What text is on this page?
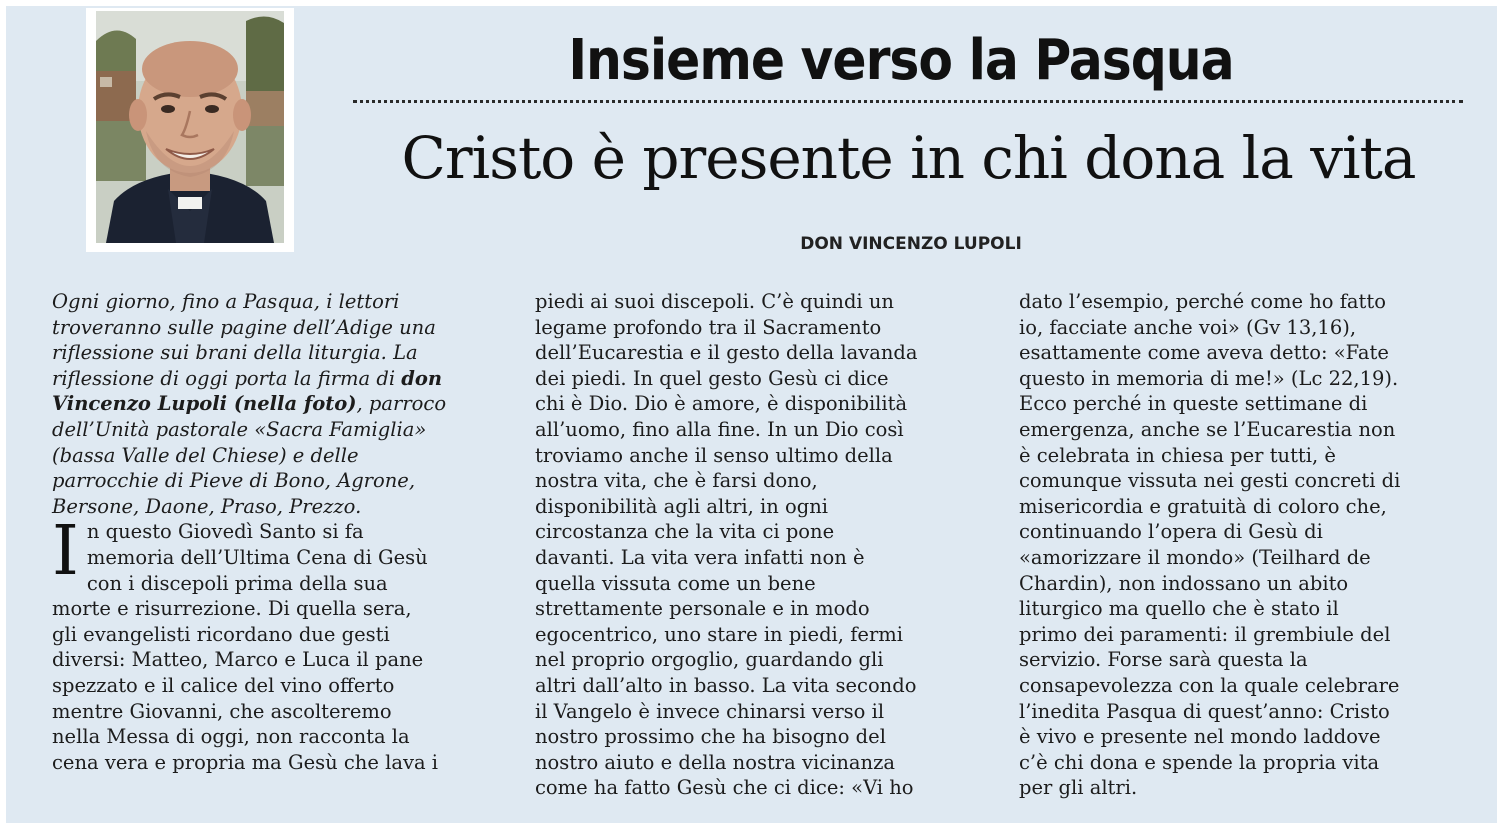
Insieme verso la Pasqua
Cristo è presente in chi dona la vita
DON VINCENZO LUPOLI

Ogni giorno, fino a Pasqua, i lettori
troveranno sulle pagine dell’Adige una
riflessione sui brani della liturgia. La
riflessione di oggi porta la firma di don
Vincenzo Lupoli (nella foto), parroco
dell’Unità pastorale «Sacra Famiglia»
(bassa Valle del Chiese) e delle
parrocchie di Pieve di Bono, Agrone,
Bersone, Daone, Praso, Prezzo.

I n questo Giovedì Santo si fa
memoria dell’Ultima Cena di Gesù
con i discepoli prima della sua
morte e risurrezione. Di quella sera,
gli evangelisti ricordano due gesti
diversi: Matteo, Marco e Luca il pane
spezzato e il calice del vino offerto
mentre Giovanni, che ascolteremo
nella Messa di oggi, non racconta la
cena vera e propria ma Gesù che lava i

piedi ai suoi discepoli. C’è quindi un
legame profondo tra il Sacramento
dell’Eucarestia e il gesto della lavanda
dei piedi. In quel gesto Gesù ci dice
chi è Dio. Dio è amore, è disponibilità
all’uomo, fino alla fine. In un Dio così
troviamo anche il senso ultimo della
nostra vita, che è farsi dono,
disponibilità agli altri, in ogni
circostanza che la vita ci pone
davanti. La vita vera infatti non è
quella vissuta come un bene
strettamente personale e in modo
egocentrico, uno stare in piedi, fermi
nel proprio orgoglio, guardando gli
altri dall’alto in basso. La vita secondo
il Vangelo è invece chinarsi verso il
nostro prossimo che ha bisogno del
nostro aiuto e della nostra vicinanza
come ha fatto Gesù che ci dice: «Vi ho

dato l’esempio, perché come ho fatto
io, facciate anche voi» (Gv 13,16),
esattamente come aveva detto: «Fate
questo in memoria di me!» (Lc 22,19).
Ecco perché in queste settimane di
emergenza, anche se l’Eucarestia non
è celebrata in chiesa per tutti, è
comunque vissuta nei gesti concreti di
misericordia e gratuità di coloro che,
continuando l’opera di Gesù di
«amorizzare il mondo» (Teilhard de
Chardin), non indossano un abito
liturgico ma quello che è stato il
primo dei paramenti: il grembiule del
servizio. Forse sarà questa la
consapevolezza con la quale celebrare
l’inedita Pasqua di quest’anno: Cristo
è vivo e presente nel mondo laddove
c’è chi dona e spende la propria vita
per gli altri.
